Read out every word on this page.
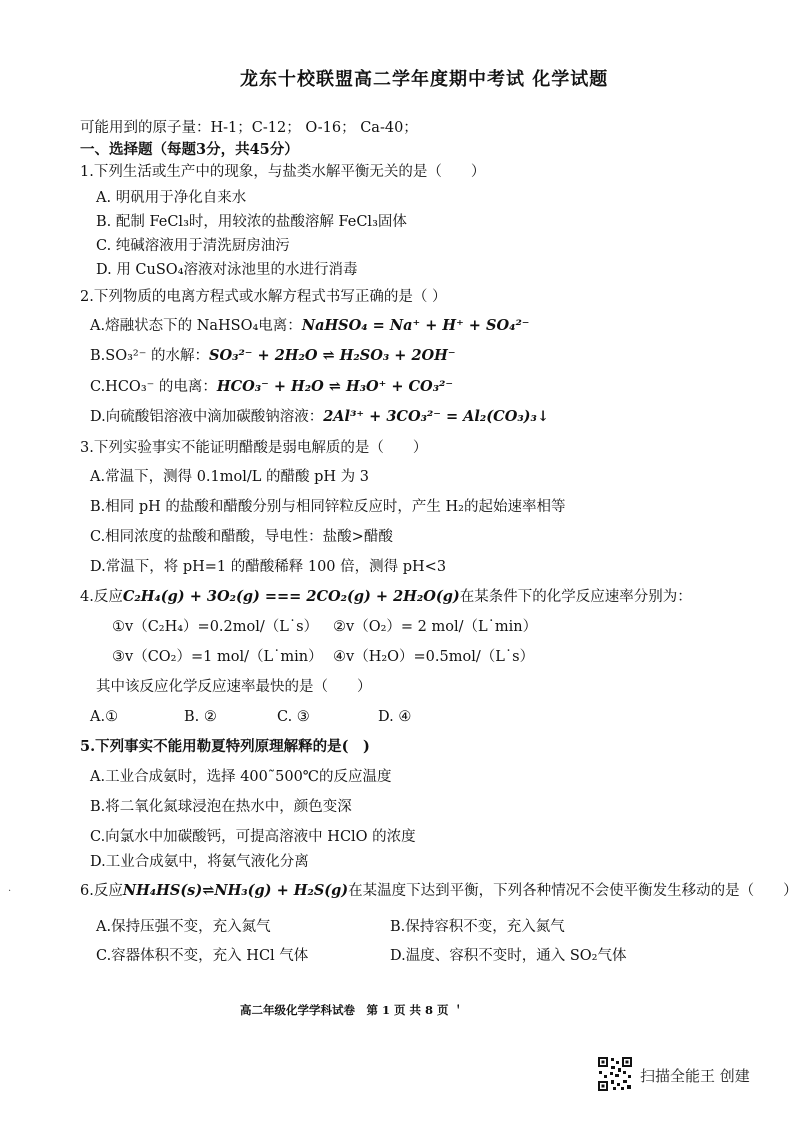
龙东十校联盟高二学年度期中考试 化学试题
可能用到的原子量：H-1；C-12； O-16； Ca-40；
一、选择题（每题3分，共45分）
1.下列生活或生产中的现象，与盐类水解平衡无关的是（　　）
A. 明矾用于净化自来水
B. 配制 FeCl₃时，用较浓的盐酸溶解 FeCl₃固体
C. 纯碱溶液用于清洗厨房油污
D. 用 CuSO₄溶液对泳池里的水进行消毒
2.下列物质的电离方程式或水解方程式书写正确的是（ ）
A.熔融状态下的 NaHSO₄电离：NaHSO₄ = Na⁺ + H⁺ + SO₄²⁻
B.SO₃²⁻ 的水解：SO₃²⁻ + 2H₂O ⇌ H₂SO₃ + 2OH⁻
C.HCO₃⁻ 的电离：HCO₃⁻ + H₂O ⇌ H₃O⁺ + CO₃²⁻
D.向硫酸铝溶液中滴加碳酸钠溶液：2Al³⁺ + 3CO₃²⁻ = Al₂(CO₃)₃↓
3.下列实验事实不能证明醋酸是弱电解质的是（　　）
A.常温下，测得 0.1mol/L 的醋酸 pH 为 3
B.相同 pH 的盐酸和醋酸分别与相同锌粒反应时，产生 H₂的起始速率相等
C.相同浓度的盐酸和醋酸，导电性：盐酸>醋酸
D.常温下，将 pH=1 的醋酸稀释 100 倍，测得 pH<3
4.反应C₂H₄(g) + 3O₂(g) === 2CO₂(g) + 2H₂O(g)在某条件下的化学反应速率分别为：
①v（C₂H₄）=0.2mol/（L˙s） ②v（O₂）= 2 mol/（L˙min）
③v（CO₂）=1 mol/（L˙min） ④v（H₂O）=0.5mol/（L˙s）
其中该反应化学反应速率最快的是（　　）
A.①	B. ②	C. ③	D. ④
5.下列事实不能用勒夏特列原理解释的是(　)
A.工业合成氨时，选择 400˜500℃的反应温度
B.将二氧化氮球浸泡在热水中，颜色变深
C.向氯水中加碳酸钙，可提高溶液中 HClO 的浓度
D.工业合成氨中，将氨气液化分离
6.反应NH₄HS(s)⇌NH₃(g) + H₂S(g)在某温度下达到平衡，下列各种情况不会使平衡发生移动的是（　　）
A.保持压强不变，充入氮气	B.保持容积不变，充入氮气
C.容器体积不变，充入 HCl 气体	D.温度、容积不变时，通入 SO₂气体
·
高二年级化学学科试卷　第 1 页 共 8 页 ＇
扫描全能王 创建
